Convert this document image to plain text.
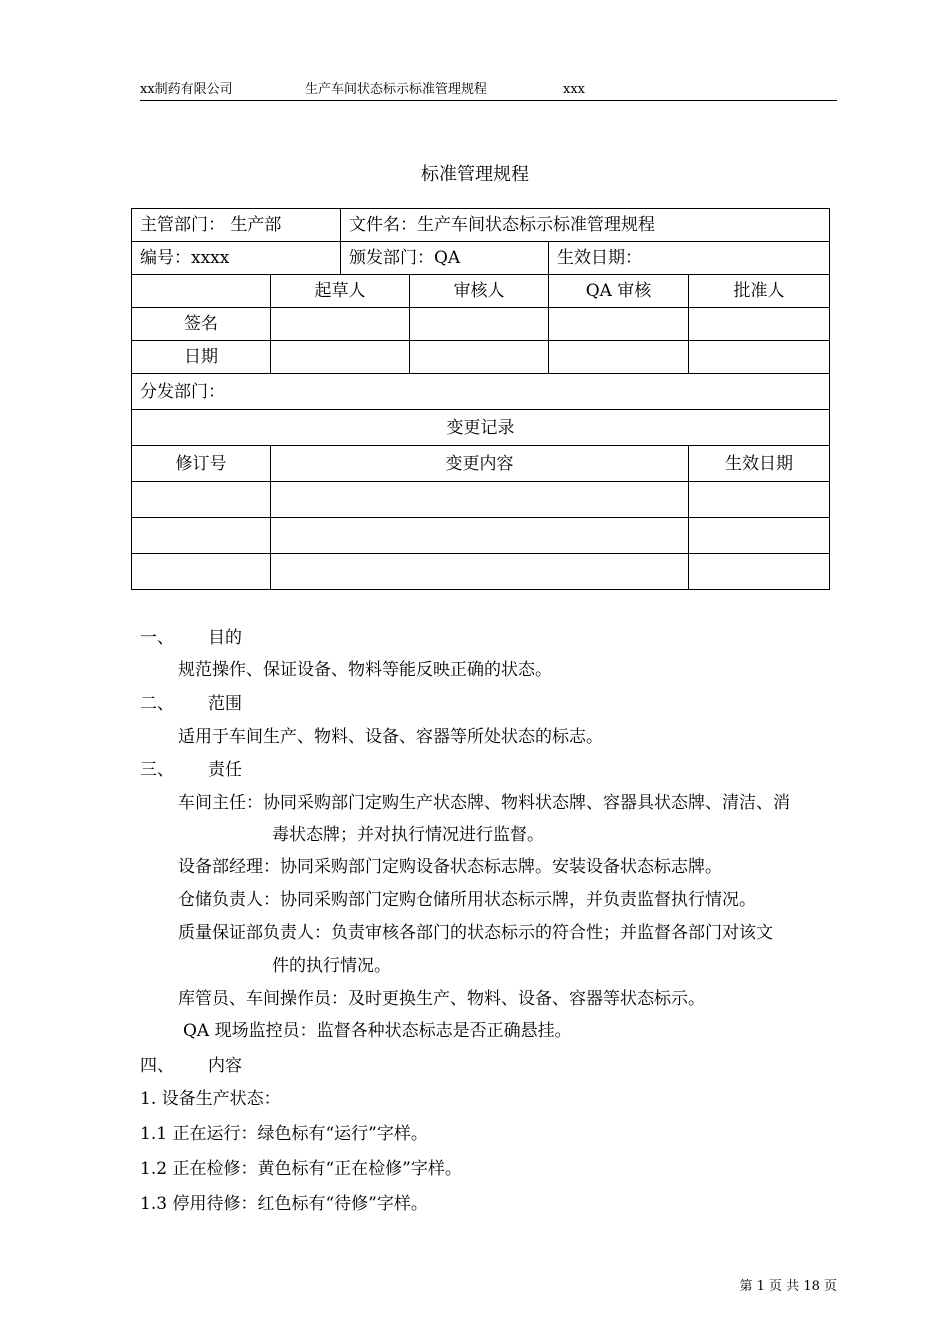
xx制药有限公司	生产车间状态标示标准管理规程	xxx
标准管理规程
主管部门： 生产部		文件名：生产车间状态标示标准管理规程			
编号：xxxx		颁发部门：QA		生效日期：	
	起草人		审核人	QA 审核	批准人
签名					
日期					
分发部门：					
变更记录					
修订号	变更内容				生效日期

一、 目的
规范操作、保证设备、物料等能反映正确的状态。
二、 范围
适用于车间生产、物料、设备、容器等所处状态的标志。
三、 责任
车间主任：协同采购部门定购生产状态牌、物料状态牌、容器具状态牌、清洁、消
毒状态牌；并对执行情况进行监督。
设备部经理：协同采购部门定购设备状态标志牌。安装设备状态标志牌。
仓储负责人：协同采购部门定购仓储所用状态标示牌，并负责监督执行情况。
质量保证部负责人：负责审核各部门的状态标示的符合性；并监督各部门对该文
件的执行情况。
库管员、车间操作员：及时更换生产、物料、设备、容器等状态标示。
QA 现场监控员：监督各种状态标志是否正确悬挂。
四、 内容
1. 设备生产状态：
1.1 正在运行：绿色标有“运行”字样。
1.2 正在检修：黄色标有“正在检修”字样。
1.3 停用待修：红色标有“待修”字样。
第 1 页 共 18 页
